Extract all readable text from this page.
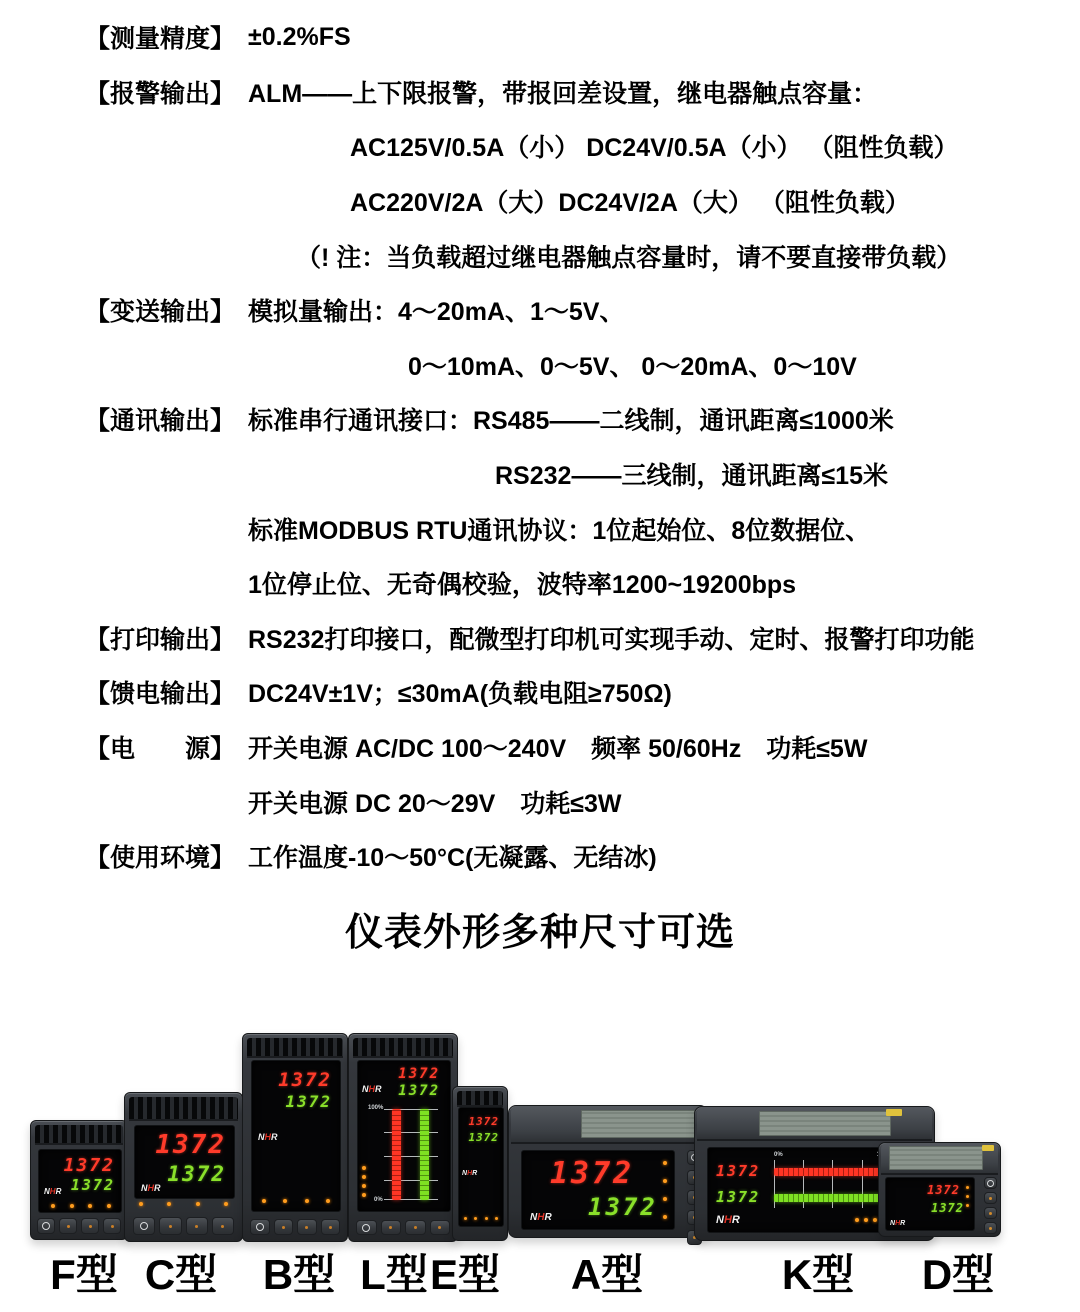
【测量精度】 ±0.2%FS
【报警输出】 ALM——上下限报警，带报回差设置，继电器触点容量：
AC125V/0.5A（小） DC24V/0.5A（小） （阻性负载）
AC220V/2A（大）DC24V/2A（大） （阻性负载）
（! 注：当负载超过继电器触点容量时，请不要直接带负载）
【变送输出】 模拟量输出：4～20mA、1～5V、
0～10mA、0～5V、 0～20mA、0～10V
【通讯输出】 标准串行通讯接口：RS485——二线制，通讯距离≤1000米
RS232——三线制，通讯距离≤15米
标准MODBUS RTU通讯协议：1位起始位、8位数据位、
1位停止位、无奇偶校验，波特率1200~19200bps
【打印输出】 RS232打印接口，配微型打印机可实现手动、定时、报警打印功能
【馈电输出】 DC24V±1V；≤30mA(负载电阻≥750Ω)
【电　　源】 开关电源 AC/DC 100～240V　频率 50/60Hz　功耗≤5W
开关电源 DC 20～29V　功耗≤3W
【使用环境】 工作温度-10～50°C(无凝露、无结冰)
仪表外形多种尺寸可选
1372
1372
NHR
1372
1372
NHR
1372
1372
NHR
1372
1372
NHR
100%
0%
1372
1372
NHR 1372
1372
NHR
1372
1372
0%
NHR
1372
1372
NHR
F型 C型 B型 L型 E型 A型	K型 D型
